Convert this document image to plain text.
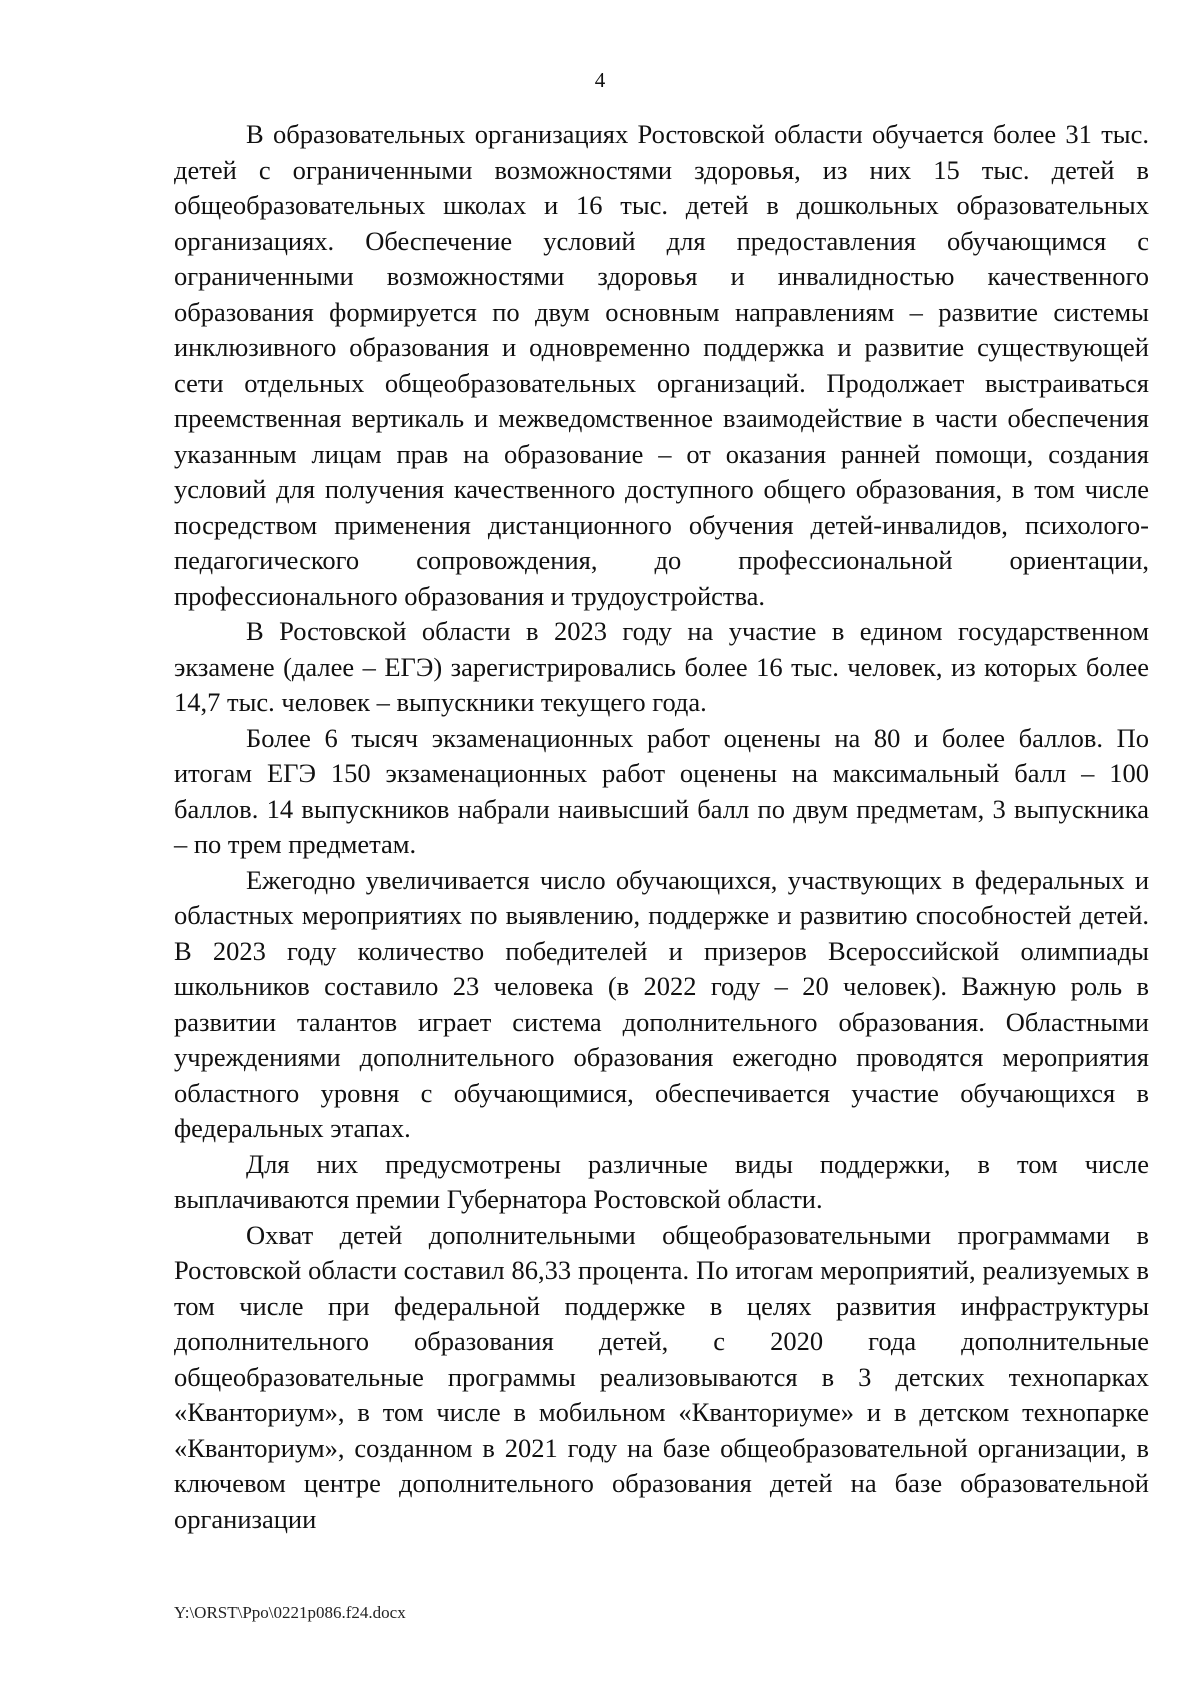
4

В образовательных организациях Ростовской области обучается более 31 тыс. детей с ограниченными возможностями здоровья, из них 15 тыс. детей в общеобразовательных школах и 16 тыс. детей в дошкольных образовательных организациях. Обеспечение условий для предоставления обучающимся с ограниченными возможностями здоровья и инвалидностью качественного образования формируется по двум основным направлениям – развитие системы инклюзивного образования и одновременно поддержка и развитие существующей сети отдельных общеобразовательных организаций. Продолжает выстраиваться преемственная вертикаль и межведомственное взаимодействие в части обеспечения указанным лицам прав на образование – от оказания ранней помощи, создания условий для получения качественного доступного общего образования, в том числе посредством применения дистанционного обучения детей-инвалидов, психолого-педагогического сопровождения, до профессиональной ориентации, профессионального образования и трудоустройства.

В Ростовской области в 2023 году на участие в едином государственном экзамене (далее – ЕГЭ) зарегистрировались более 16 тыс. человек, из которых более 14,7 тыс. человек – выпускники текущего года.

Более 6 тысяч экзаменационных работ оценены на 80 и более баллов. По итогам ЕГЭ 150 экзаменационных работ оценены на максимальный балл – 100 баллов. 14 выпускников набрали наивысший балл по двум предметам, 3 выпускника – по трем предметам.

Ежегодно увеличивается число обучающихся, участвующих в федеральных и областных мероприятиях по выявлению, поддержке и развитию способностей детей. В 2023 году количество победителей и призеров Всероссийской олимпиады школьников составило 23 человека (в 2022 году – 20 человек). Важную роль в развитии талантов играет система дополнительного образования. Областными учреждениями дополнительного образования ежегодно проводятся мероприятия областного уровня с обучающимися, обеспечивается участие обучающихся в федеральных этапах.

Для них предусмотрены различные виды поддержки, в том числе выплачиваются премии Губернатора Ростовской области.

Охват детей дополнительными общеобразовательными программами в Ростовской области составил 86,33 процента. По итогам мероприятий, реализуемых в том числе при федеральной поддержке в целях развития инфраструктуры дополнительного образования детей, с 2020 года дополнительные общеобразовательные программы реализовываются в 3 детских технопарках «Кванториум», в том числе в мобильном «Кванториуме» и в детском технопарке «Кванториум», созданном в 2021 году на базе общеобразовательной организации, в ключевом центре дополнительного образования детей на базе образовательной организации

Y:\ORST\Ppo\0221p086.f24.docx
